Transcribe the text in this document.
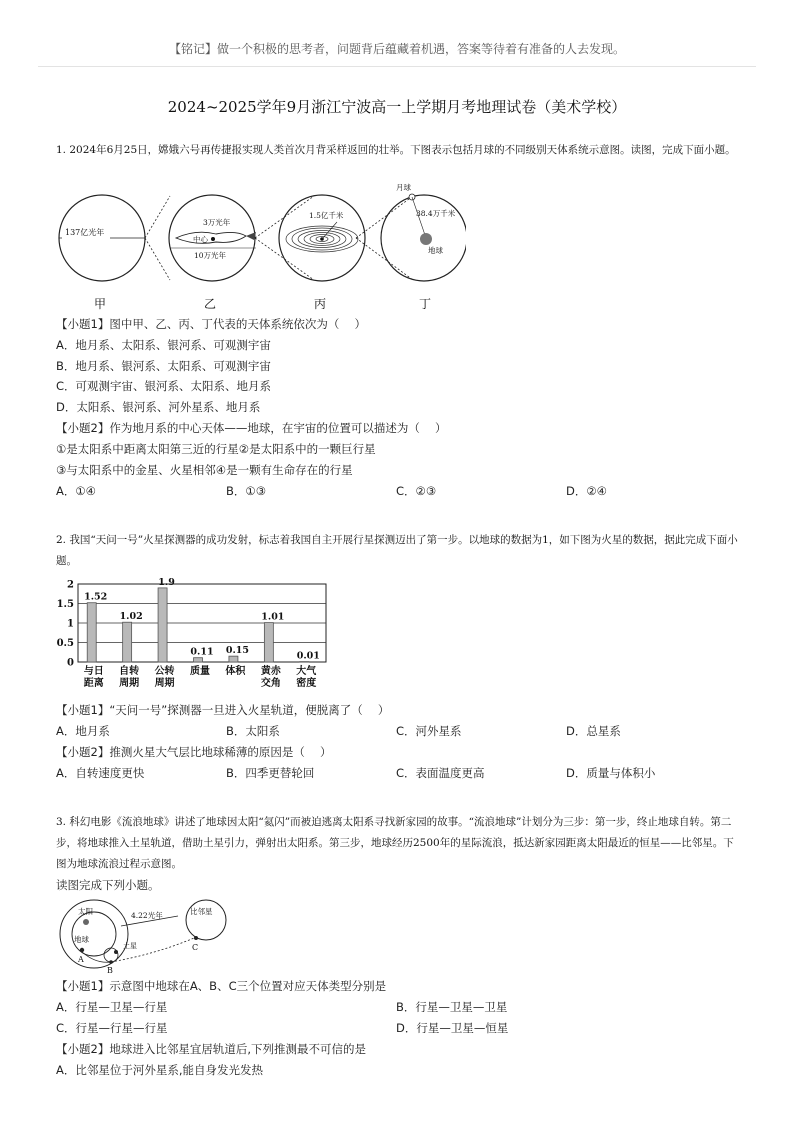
【铭记】做一个积极的思考者，问题背后蕴藏着机遇，答案等待着有准备的人去发现。
2024~2025学年9月浙江宁波高一上学期月考地理试卷（美术学校）
1. 2024年6月25日，嫦娥六号再传捷报实现人类首次月背采样返回的壮举。下图表示包括月球的不同级别天体系统示意图。读图，完成下面小题。
137亿光年
甲
3万光年
中心
10万光年
乙
1.5亿千米
丙
月球
38.4万千米
地球
丁
【小题1】图中甲、乙、丙、丁代表的天体系统依次为（　 ）
A．地月系、太阳系、银河系、可观测宇宙
B．地月系、银河系、太阳系、可观测宇宙
C．可观测宇宙、银河系、太阳系、地月系
D．太阳系、银河系、河外星系、地月系
【小题2】作为地月系的中心天体——地球，在宇宙的位置可以描述为（　 ）
①是太阳系中距离太阳第三近的行星②是太阳系中的一颗巨行星
③与太阳系中的金星、火星相邻④是一颗有生命存在的行星
A．①④	B．①③	C．②③	D．②④
2. 我国“天问一号”火星探测器的成功发射，标志着我国自主开展行星探测迈出了第一步。以地球的数据为1，如下图为火星的数据，据此完成下面小题。
2
1.5
1
0.5
0
1.52
与日
距离
1.02
自转
周期
1.9
公转
周期
0.11
质量
0.15
体积
1.01
黄赤
交角
0.01
大气
密度
【小题1】“天问一号”探测器一旦进入火星轨道，便脱离了（　 ）
A．地月系	B．太阳系	C．河外星系	D．总星系
【小题2】推测火星大气层比地球稀薄的原因是（　 ）
A．自转速度更快	B．四季更替轮回	C．表面温度更高	D．质量与体积小
3. 科幻电影《流浪地球》讲述了地球因太阳“氦闪”而被迫逃离太阳系寻找新家园的故事。“流浪地球”计划分为三步：第一步，终止地球自转。第二步，将地球推入土星轨道，借助土星引力，弹射出太阳系。第三步，地球经历2500年的星际流浪，抵达新家园距离太阳最近的恒星——比邻星。下图为地球流浪过程示意图。
读图完成下列小题。
太阳
地球
土星
A
B
4.22光年	比邻星
C
【小题1】示意图中地球在A、B、C三个位置对应天体类型分别是
A．行星—卫星—行星	B．行星—卫星—卫星
C．行星—行星—行星	D．行星—卫星—恒星
【小题2】地球进入比邻星宜居轨道后,下列推测最不可信的是
A．比邻星位于河外星系,能自身发光发热
